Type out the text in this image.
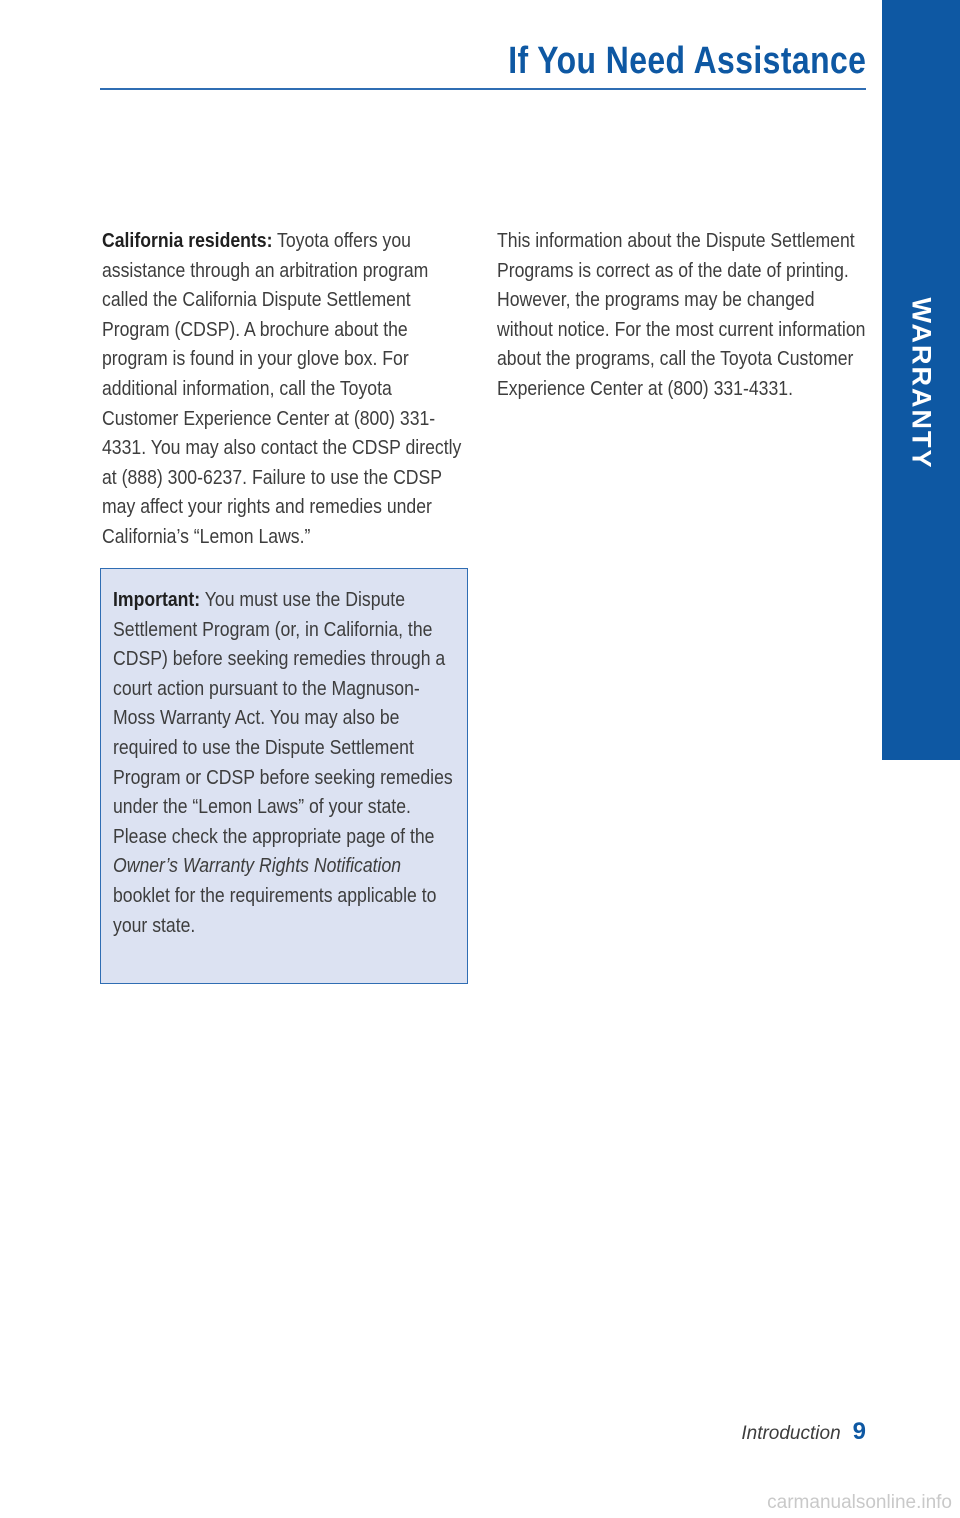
If You Need Assistance
WARRANTY

California residents: Toyota offers you assistance through an arbitration program called the California Dispute Settlement Program (CDSP). A brochure about the program is found in your glove box. For additional information, call the Toyota Customer Experience Center at (800) 331-4331. You may also contact the CDSP directly at (888) 300-6237. Failure to use the CDSP may affect your rights and remedies under California’s “Lemon Laws.”

Important: You must use the Dispute Settlement Program (or, in California, the CDSP) before seeking remedies through a court action pursuant to the Magnuson-Moss Warranty Act. You may also be required to use the Dispute Settlement Program or CDSP before seeking remedies under the “Lemon Laws” of your state. Please check the appropriate page of the Owner’s Warranty Rights Notification booklet for the requirements applicable to your state.

This information about the Dispute Settlement Programs is correct as of the date of printing. However, the programs may be changed without notice. For the most current information about the programs, call the Toyota Customer Experience Center at (800) 331-4331.

Introduction 9
carmanualsonline.info
